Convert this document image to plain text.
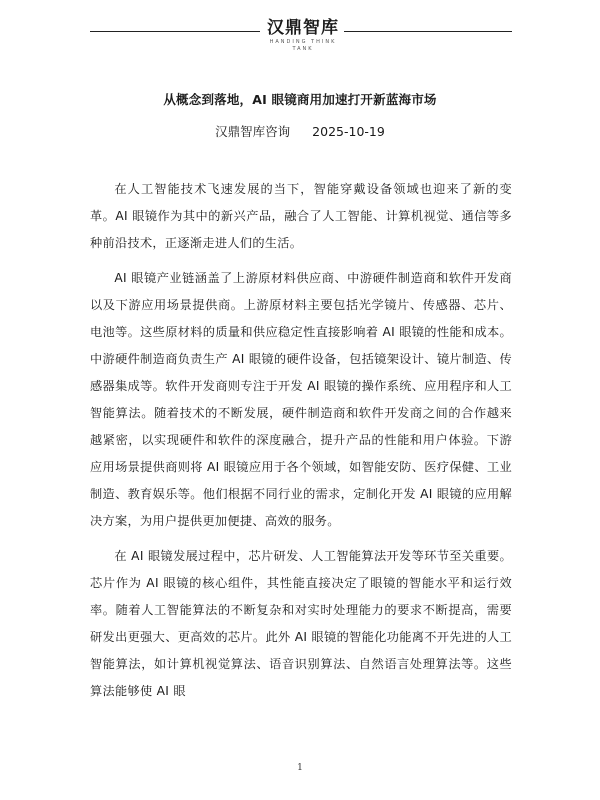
汉鼎智库
HANDING THINK TANK
从概念到落地，AI 眼镜商用加速打开新蓝海市场
汉鼎智库咨询 2025-10-19

在人工智能技术飞速发展的当下，智能穿戴设备领域也迎来了新的变革。AI 眼镜作为其中的新兴产品，融合了人工智能、计算机视觉、通信等多种前沿技术，正逐渐走进人们的生活。

AI 眼镜产业链涵盖了上游原材料供应商、中游硬件制造商和软件开发商以及下游应用场景提供商。上游原材料主要包括光学镜片、传感器、芯片、电池等。这些原材料的质量和供应稳定性直接影响着 AI 眼镜的性能和成本。中游硬件制造商负责生产 AI 眼镜的硬件设备，包括镜架设计、镜片制造、传感器集成等。软件开发商则专注于开发 AI 眼镜的操作系统、应用程序和人工智能算法。随着技术的不断发展，硬件制造商和软件开发商之间的合作越来越紧密，以实现硬件和软件的深度融合，提升产品的性能和用户体验。下游应用场景提供商则将 AI 眼镜应用于各个领域，如智能安防、医疗保健、工业制造、教育娱乐等。他们根据不同行业的需求，定制化开发 AI 眼镜的应用解决方案，为用户提供更加便捷、高效的服务。

在 AI 眼镜发展过程中，芯片研发、人工智能算法开发等环节至关重要。芯片作为 AI 眼镜的核心组件，其性能直接决定了眼镜的智能水平和运行效率。随着人工智能算法的不断复杂和对实时处理能力的要求不断提高，需要研发出更强大、更高效的芯片。此外 AI 眼镜的智能化功能离不开先进的人工智能算法，如计算机视觉算法、语音识别算法、自然语言处理算法等。这些算法能够使 AI 眼

1
